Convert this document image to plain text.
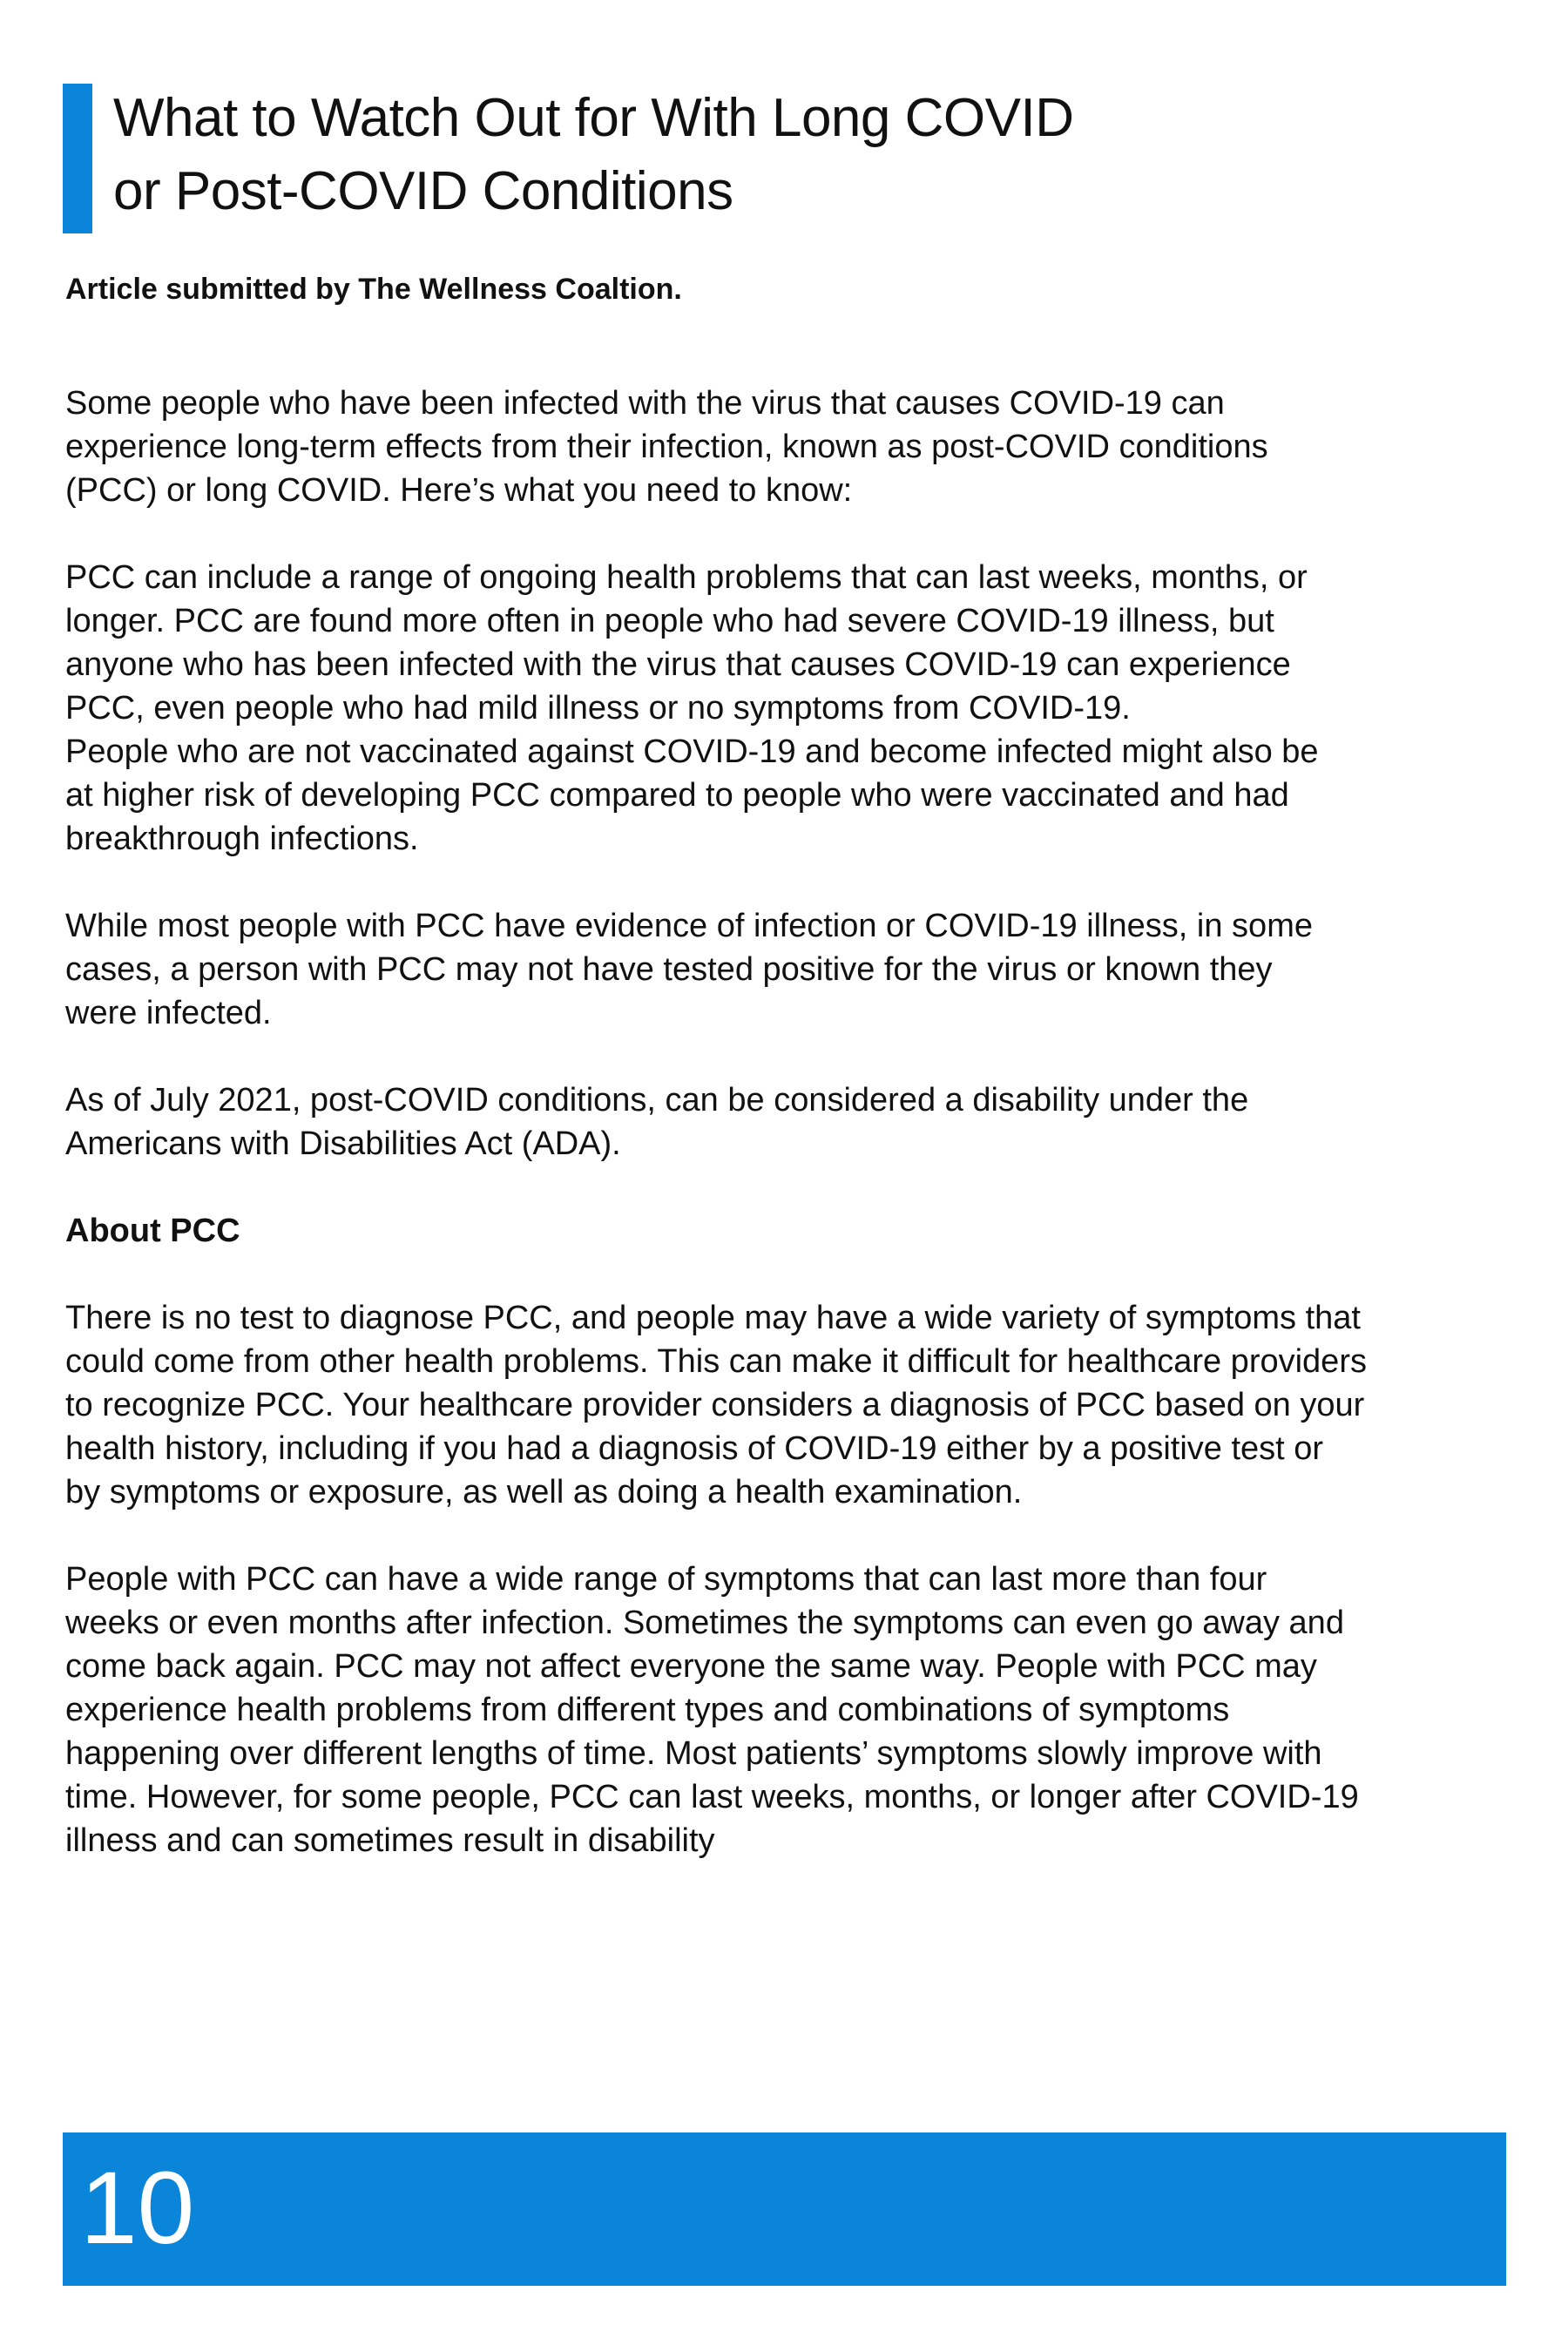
What to Watch Out for With Long COVID
or Post-COVID Conditions

Article submitted by The Wellness Coaltion.

Some people who have been infected with the virus that causes COVID-19 can
experience long-term effects from their infection, known as post-COVID conditions
(PCC) or long COVID. Here’s what you need to know:

PCC can include a range of ongoing health problems that can last weeks, months, or
longer. PCC are found more often in people who had severe COVID-19 illness, but
anyone who has been infected with the virus that causes COVID-19 can experience
PCC, even people who had mild illness or no symptoms from COVID-19.

People who are not vaccinated against COVID-19 and become infected might also be
at higher risk of developing PCC compared to people who were vaccinated and had
breakthrough infections.

While most people with PCC have evidence of infection or COVID-19 illness, in some
cases, a person with PCC may not have tested positive for the virus or known they
were infected.

As of July 2021, post-COVID conditions, can be considered a disability under the
Americans with Disabilities Act (ADA).

About PCC

There is no test to diagnose PCC, and people may have a wide variety of symptoms that
could come from other health problems. This can make it difficult for healthcare providers
to recognize PCC. Your healthcare provider considers a diagnosis of PCC based on your
health history, including if you had a diagnosis of COVID-19 either by a positive test or
by symptoms or exposure, as well as doing a health examination.

People with PCC can have a wide range of symptoms that can last more than four
weeks or even months after infection. Sometimes the symptoms can even go away and
come back again. PCC may not affect everyone the same way. People with PCC may
experience health problems from different types and combinations of symptoms
happening over different lengths of time. Most patients’ symptoms slowly improve with
time. However, for some people, PCC can last weeks, months, or longer after COVID-19
illness and can sometimes result in disability

10
